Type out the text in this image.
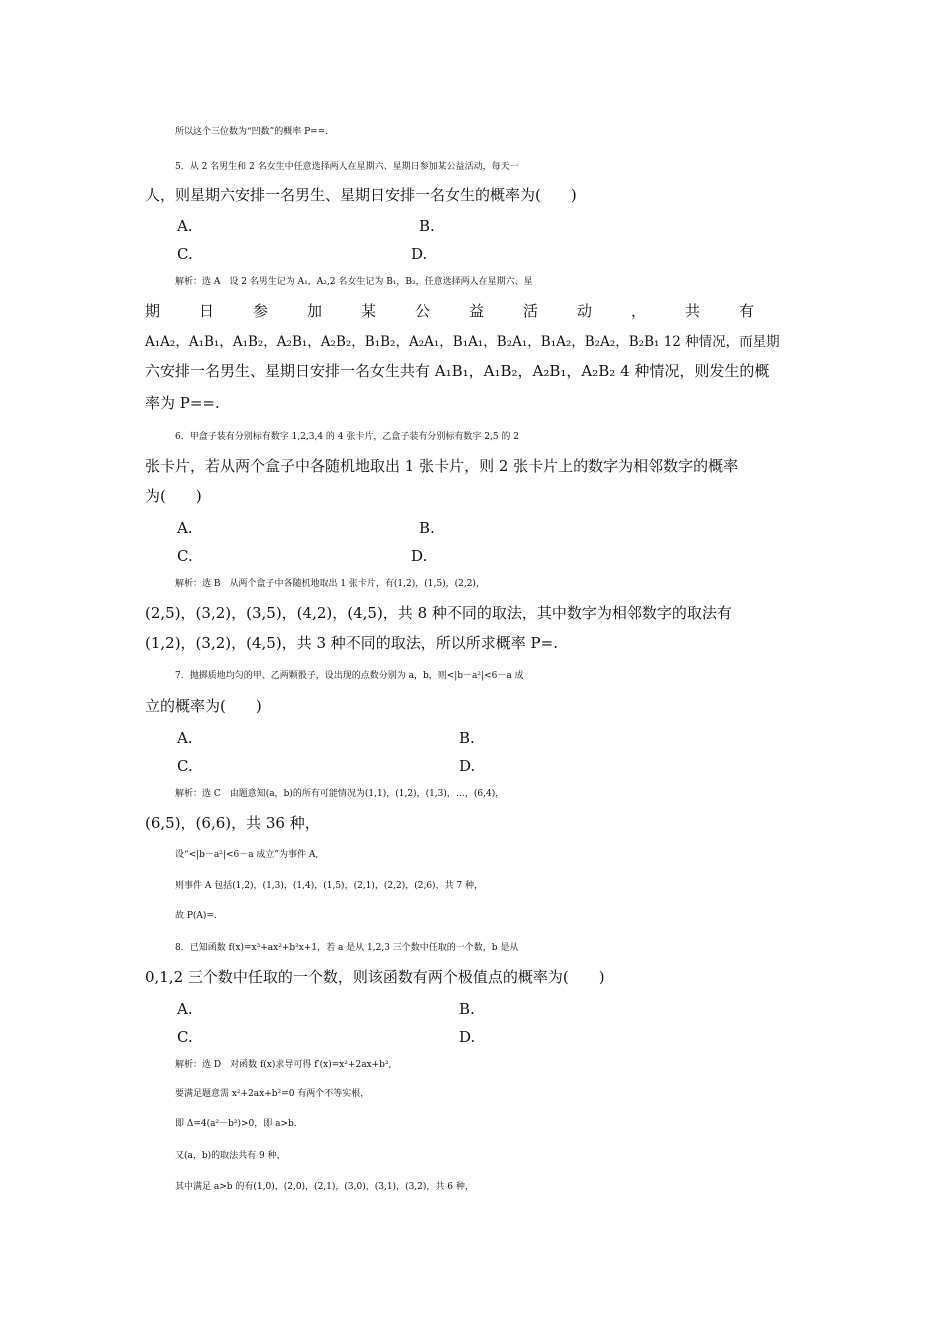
所以这个三位数为“凹数”的概率 P==.
5．从 2 名男生和 2 名女生中任意选择两人在星期六、星期日参加某公益活动，每天一
人，则星期六安排一名男生、星期日安排一名女生的概率为(　　)
A.	B.
C.	D.
解析：选 A　设 2 名男生记为 A₁，A₂,2 名女生记为 B₁，B₂，任意选择两人在星期六、星
期日参加某公益活动，共有
A₁A₂，A₁B₁，A₁B₂，A₂B₁，A₂B₂，B₁B₂，A₂A₁，B₁A₁，B₂A₁，B₁A₂，B₂A₂，B₂B₁ 12 种情况，而星期
六安排一名男生、星期日安排一名女生共有 A₁B₁，A₁B₂，A₂B₁，A₂B₂ 4 种情况，则发生的概
率为 P==.
6．甲盒子装有分别标有数字 1,2,3,4 的 4 张卡片，乙盒子装有分别标有数字 2,5 的 2
张卡片，若从两个盒子中各随机地取出 1 张卡片，则 2 张卡片上的数字为相邻数字的概率
为(　　)
A.	B.
C.	D.
解析：选 B　从两个盒子中各随机地取出 1 张卡片，有(1,2)，(1,5)，(2,2)，
(2,5)，(3,2)，(3,5)，(4,2)，(4,5)，共 8 种不同的取法，其中数字为相邻数字的取法有
(1,2)，(3,2)，(4,5)，共 3 种不同的取法，所以所求概率 P=.
7．抛掷质地均匀的甲、乙两颗骰子，设出现的点数分别为 a，b，则<|b－a²|<6－a 成
立的概率为(　　)
A.	B.
C.	D.
解析：选 C　由题意知(a，b)的所有可能情况为(1,1)，(1,2)，(1,3)，…，(6,4)，
(6,5)，(6,6)，共 36 种，
设“<|b－a²|<6－a 成立”为事件 A,
则事件 A 包括(1,2)，(1,3)，(1,4)，(1,5)，(2,1)，(2,2)，(2,6)，共 7 种，
故 P(A)=.
8．已知函数 f(x)=x³+ax²+b²x+1，若 a 是从 1,2,3 三个数中任取的一个数，b 是从
0,1,2 三个数中任取的一个数，则该函数有两个极值点的概率为(　　)
A.	B.
C.	D.
解析：选 D　对函数 f(x)求导可得 f′(x)=x²+2ax+b²,
要满足题意需 x²+2ax+b²=0 有两个不等实根，
即 Δ=4(a²－b²)>0，即 a>b.
又(a，b)的取法共有 9 种，
其中满足 a>b 的有(1,0)，(2,0)，(2,1)，(3,0)，(3,1)，(3,2)，共 6 种，
